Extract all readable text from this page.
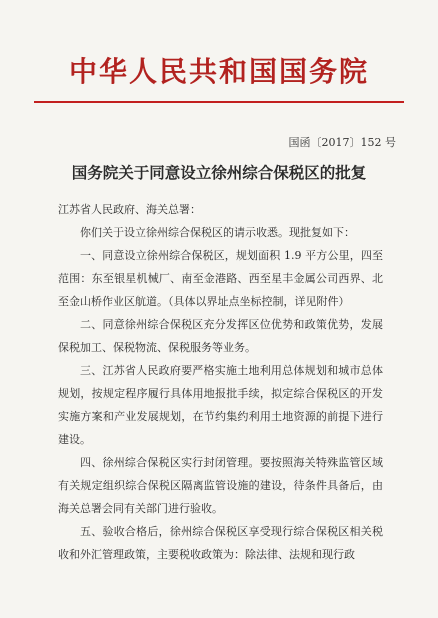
中华人民共和国国务院
国函〔2017〕152 号
国务院关于同意设立徐州综合保税区的批复
江苏省人民政府、海关总署：

你们关于设立徐州综合保税区的请示收悉。现批复如下：

一、同意设立徐州综合保税区，规划面积 1.9 平方公里，四至范围：东至银星机械厂、南至金港路、西至星丰金属公司西界、北至金山桥作业区航道。（具体以界址点坐标控制，详见附件）

二、同意徐州综合保税区充分发挥区位优势和政策优势，发展保税加工、保税物流、保税服务等业务。

三、江苏省人民政府要严格实施土地利用总体规划和城市总体规划，按规定程序履行具体用地报批手续，拟定综合保税区的开发实施方案和产业发展规划，在节约集约利用土地资源的前提下进行建设。

四、徐州综合保税区实行封闭管理。要按照海关特殊监管区域有关规定组织综合保税区隔离监管设施的建设，待条件具备后，由海关总署会同有关部门进行验收。

五、验收合格后，徐州综合保税区享受现行综合保税区相关税收和外汇管理政策，主要税收政策为：除法律、法规和现行政
